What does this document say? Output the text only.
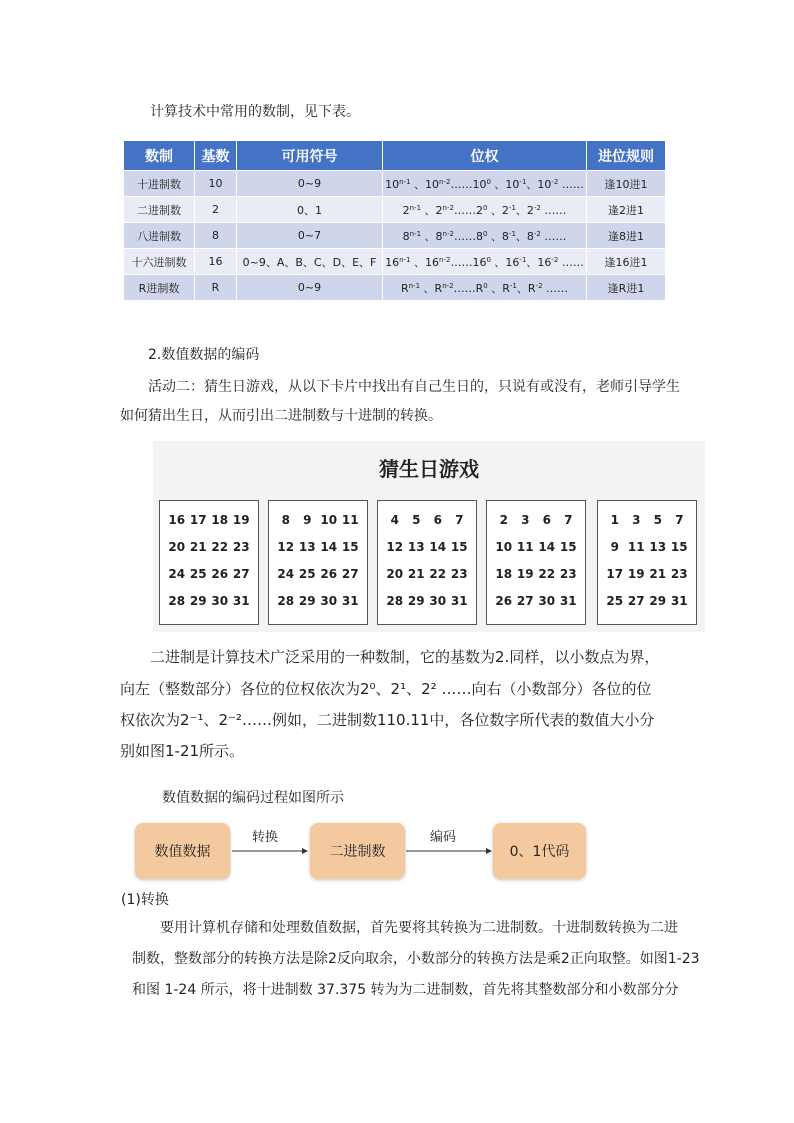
计算技术中常用的数制，见下表。
数制	基数	可用符号	位权	进位规则
十进制数	10	0~9	10$^{n-1}$ 、$10^{n-2}\dots\dots 10^0$ 、$10^{-1}$、$10^{-2}$ ……	逢10进1
二进制数	2	0、1	2$^{n-1}$ 、$2^{n-2}\dots\dots 2^0$ 、$2^{-1}$、$2^{-2}$ ……	逢2进1
八进制数	8	0~7	8$^{n-1}$ 、$8^{n-2}\dots\dots 8^0$ 、$8^{-1}$、$8^{-2}$ ……	逢8进1
十六进制数	16	0~9、A、B、C、D、E、F	16$^{n-1}$ 、$16^{n-2}\dots\dots 16^0$ 、$16^{-1}$、$16^{-2}$ ……	逢16进1
R进制数	R	0~9	$R^{n-1}$ 、$R^{n-2}\dots\dots R^0$ 、$R^{-1}$、$R^{-2}$ ……	逢R进1
2.数值数据的编码
活动二：猜生日游戏，从以下卡片中找出有自己生日的，只说有或没有，老师引导学生
如何猜出生日，从而引出二进制数与十进制的转换。
猜生日游戏
16 17 18 19
20 21 22 23
24 25 26 27
28 29 30 31
8	9 10 11
12 13 14 15
24 25 26 27
28 29 30 31
4	5	6	7
12 13 14 15
20 21 22 23
28 29 30 31
2	3	6	7
10 11 14 15
18 19 22 23
26 27 30 31
1	3	5	7
9 11 13 15
17 19 21 23
25 27 29 31
二进制是计算技术广泛采用的一种数制，它的基数为2.同样，以小数点为界，
向左（整数部分）各位的位权依次为2⁰、2¹、2² ……向右（小数部分）各位的位
权依次为2⁻¹、2⁻²……例如，二进制数110.11中，各位数字所代表的数值大小分
别如图1-21所示。
数值数据的编码过程如图所示
数值数据
转换
二进制数
编码
0、1代码
(1)转换
要用计算机存储和处理数值数据，首先要将其转换为二进制数。十进制数转换为二进
制数，整数部分的转换方法是除2反向取余，小数部分的转换方法是乘2正向取整。如图1-23
和图 1-24 所示，将十进制数 37.375 转为为二进制数，首先将其整数部分和小数部分分
